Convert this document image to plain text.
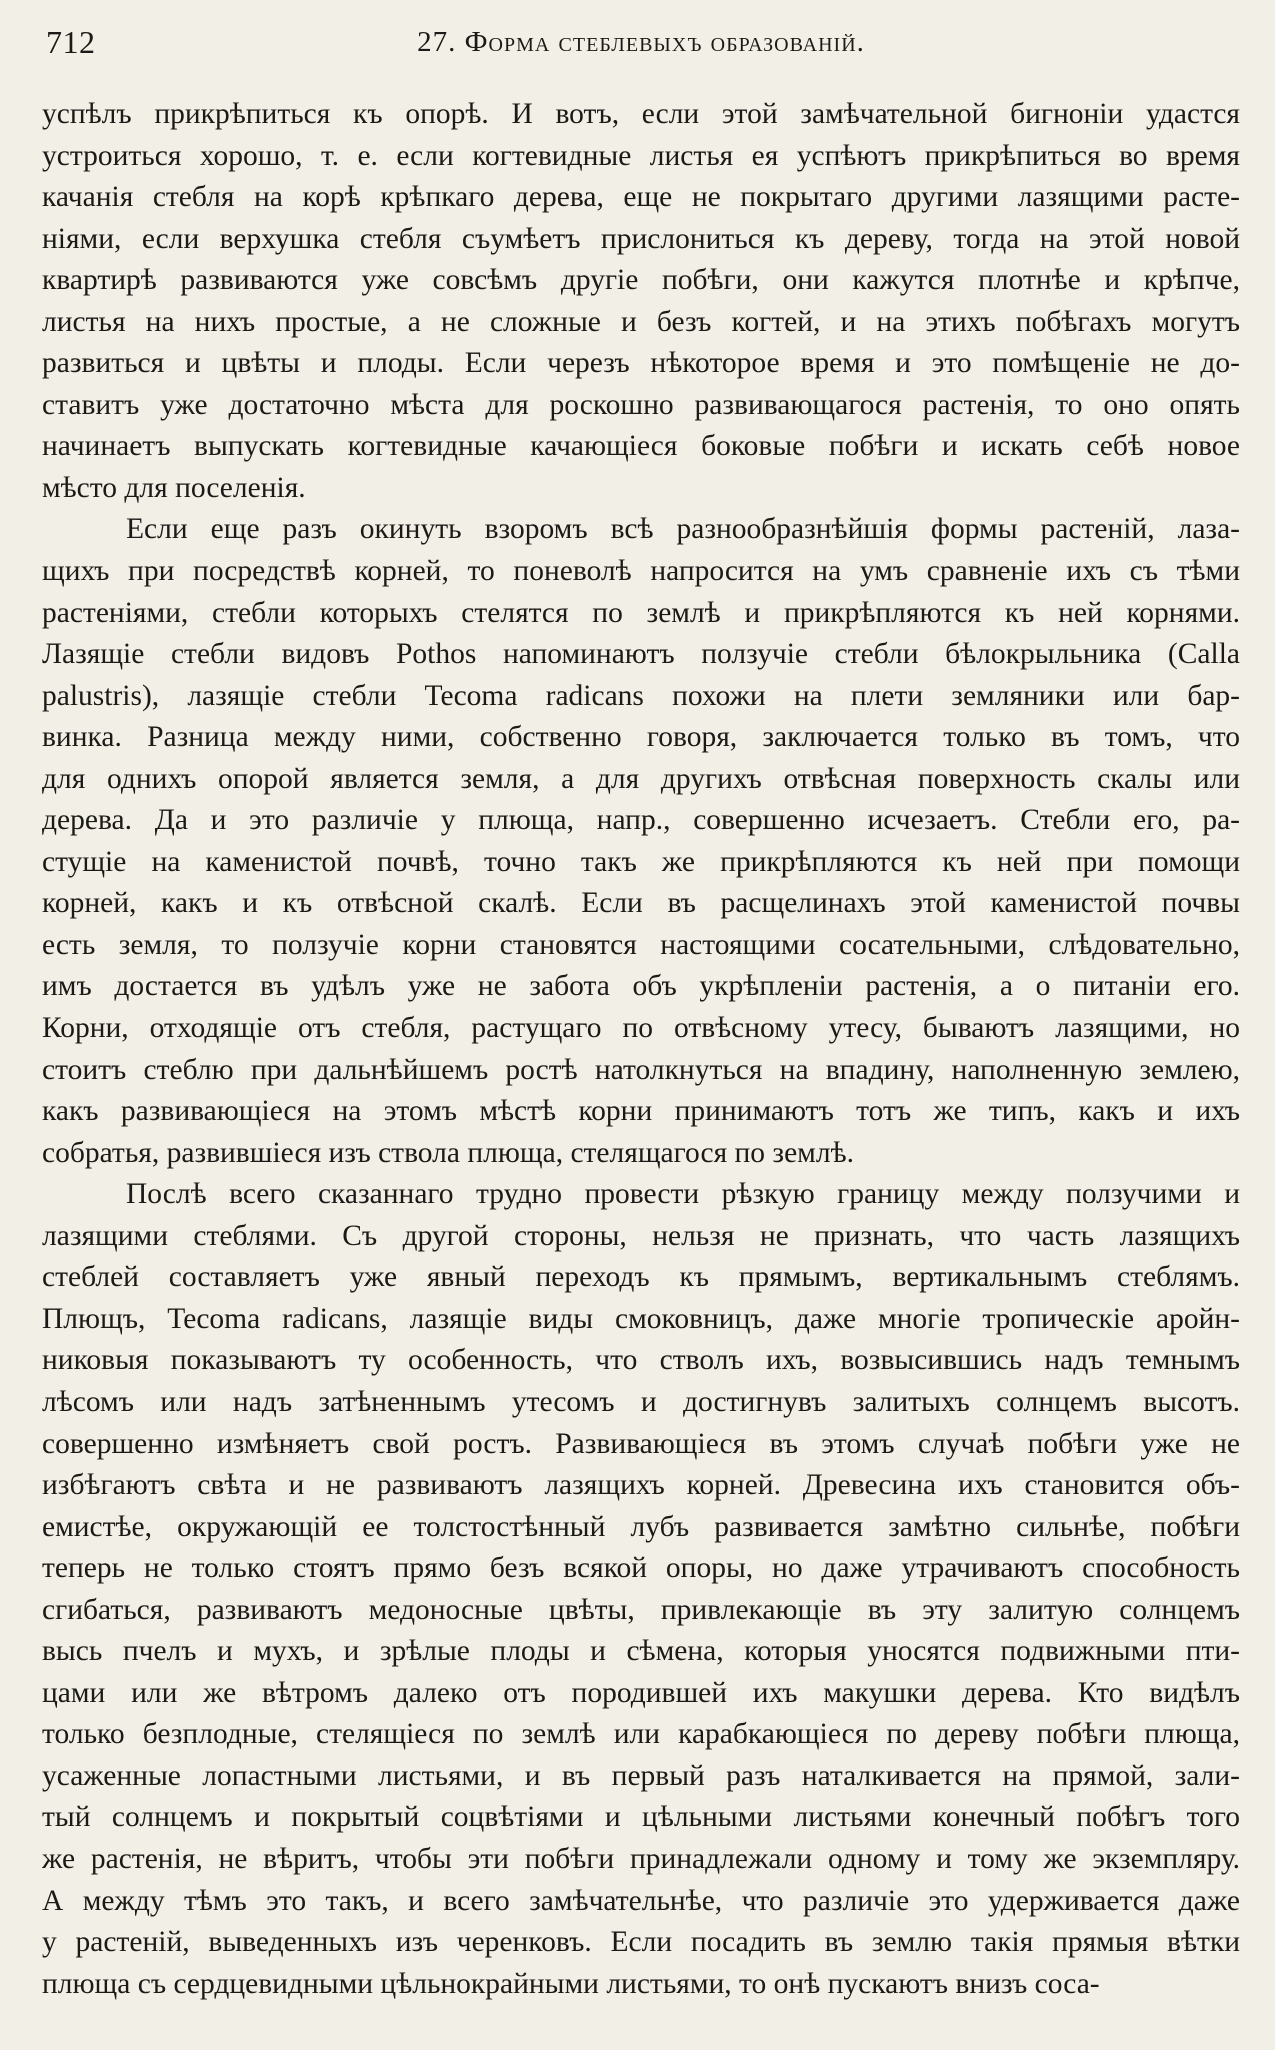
712	27. Форма стеблевыхъ образованій.
успѣлъ прикрѣпиться къ опорѣ. И вотъ, если этой замѣчательной бигноніи удастся
устроиться хорошо, т. е. если когтевидные листья ея успѣютъ прикрѣпиться во время
качанія стебля на корѣ крѣпкаго дерева, еще не покрытаго другими лазящими расте-
ніями, если верхушка стебля съумѣетъ прислониться къ дереву, тогда на этой новой
квартирѣ развиваются уже совсѣмъ другіе побѣги, они кажутся плотнѣе и крѣпче,
листья на нихъ простые, а не сложные и безъ когтей, и на этихъ побѣгахъ могутъ
развиться и цвѣты и плоды. Если черезъ нѣкоторое время и это помѣщеніе не до-
ставитъ уже достаточно мѣста для роскошно развивающагося растенія, то оно опять
начинаетъ выпускать когтевидные качающіеся боковые побѣги и искать себѣ новое
мѣсто для поселенія.
Если еще разъ окинуть взоромъ всѣ разнообразнѣйшія формы растеній, лаза-
щихъ при посредствѣ корней, то поневолѣ напросится на умъ сравненіе ихъ съ тѣми
растеніями, стебли которыхъ стелятся по землѣ и прикрѣпляются къ ней корнями.
Лазящіе стебли видовъ Pothos напоминаютъ ползучіе стебли бѣлокрыльника (Calla
palustris), лазящіе стебли Tecoma radicans похожи на плети земляники или бар-
винка. Разница между ними, собственно говоря, заключается только въ томъ, что
для однихъ опорой является земля, а для другихъ отвѣсная поверхность скалы или
дерева. Да и это различіе у плюща, напр., совершенно исчезаетъ. Стебли его, ра-
стущіе на каменистой почвѣ, точно такъ же прикрѣпляются къ ней при помощи
корней, какъ и къ отвѣсной скалѣ. Если въ расщелинахъ этой каменистой почвы
есть земля, то ползучіе корни становятся настоящими сосательными, слѣдовательно,
имъ достается въ удѣлъ уже не забота объ укрѣпленіи растенія, а о питаніи его.
Корни, отходящіе отъ стебля, растущаго по отвѣсному утесу, бываютъ лазящими, но
стоитъ стеблю при дальнѣйшемъ ростѣ натолкнуться на впадину, наполненную землею,
какъ развивающіеся на этомъ мѣстѣ корни принимаютъ тотъ же типъ, какъ и ихъ
собратья, развившіеся изъ ствола плюща, стелящагося по землѣ.
Послѣ всего сказаннаго трудно провести рѣзкую границу между ползучими и
лазящими стеблями. Съ другой стороны, нельзя не признать, что часть лазящихъ
стеблей составляетъ уже явный переходъ къ прямымъ, вертикальнымъ стеблямъ.
Плющъ, Tecoma radicans, лазящіе виды смоковницъ, даже многіе тропическіе аройн-
никовыя показываютъ ту особенность, что стволъ ихъ, возвысившись надъ темнымъ
лѣсомъ или надъ затѣненнымъ утесомъ и достигнувъ залитыхъ солнцемъ высотъ.
совершенно измѣняетъ свой ростъ. Развивающіеся въ этомъ случаѣ побѣги уже не
избѣгаютъ свѣта и не развиваютъ лазящихъ корней. Древесина ихъ становится объ-
емистѣе, окружающій ее толстостѣнный лубъ развивается замѣтно сильнѣе, побѣги
теперь не только стоятъ прямо безъ всякой опоры, но даже утрачиваютъ способность
сгибаться, развиваютъ медоносные цвѣты, привлекающіе въ эту залитую солнцемъ
высь пчелъ и мухъ, и зрѣлые плоды и сѣмена, которыя уносятся подвижными пти-
цами или же вѣтромъ далеко отъ породившей ихъ макушки дерева. Кто видѣлъ
только безплодные, стелящіеся по землѣ или карабкающіеся по дереву побѣги плюща,
усаженные лопастными листьями, и въ первый разъ наталкивается на прямой, зали-
тый солнцемъ и покрытый соцвѣтіями и цѣльными листьями конечный побѣгъ того
же растенія, не вѣритъ, чтобы эти побѣги принадлежали одному и тому же экземпляру.
А между тѣмъ это такъ, и всего замѣчательнѣе, что различіе это удерживается даже
у растеній, выведенныхъ изъ черенковъ. Если посадить въ землю такія прямыя вѣтки
плюща съ сердцевидными цѣльнокрайными листьями, то онѣ пускаютъ внизъ соса-
